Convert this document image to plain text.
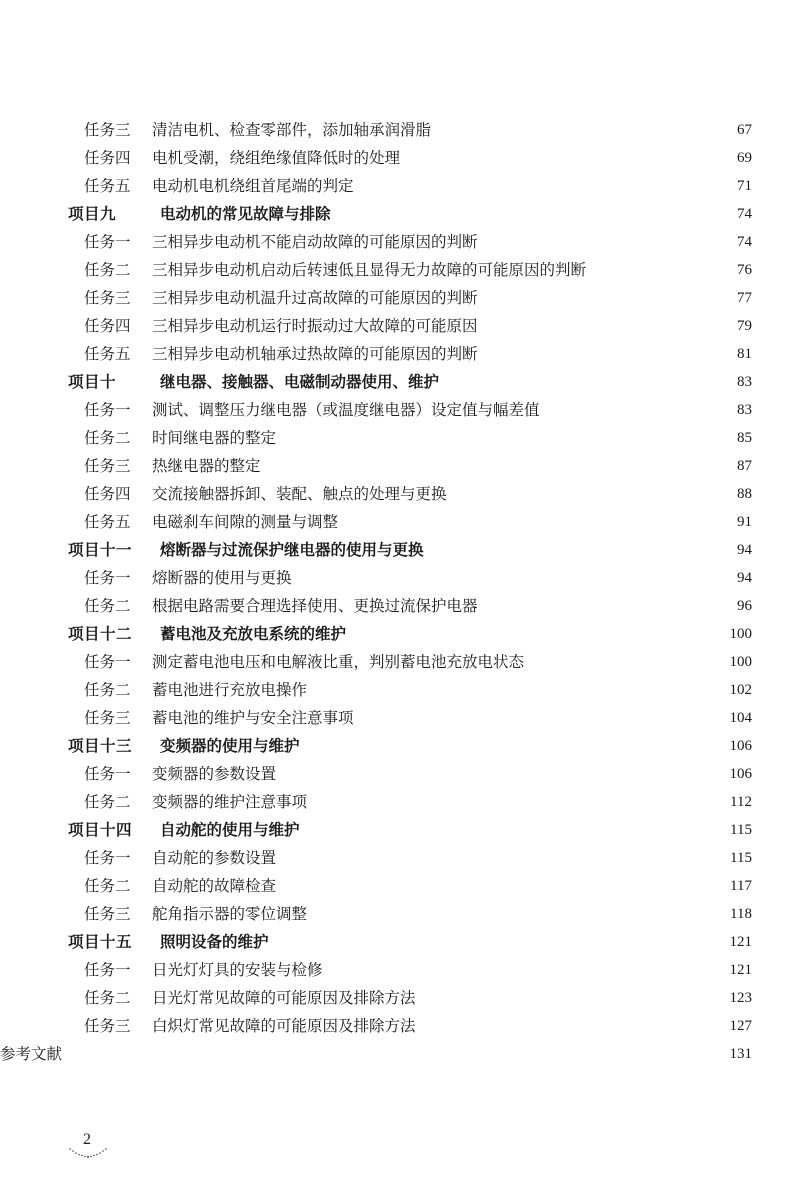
任务三	清洁电机、检查零部件，添加轴承润滑脂	67
任务四	电机受潮，绕组绝缘值降低时的处理	69
任务五	电动机电机绕组首尾端的判定	71
项目九	电动机的常见故障与排除	74
任务一	三相异步电动机不能启动故障的可能原因的判断	74
任务二	三相异步电动机启动后转速低且显得无力故障的可能原因的判断	76
任务三	三相异步电动机温升过高故障的可能原因的判断	77
任务四	三相异步电动机运行时振动过大故障的可能原因	79
任务五	三相异步电动机轴承过热故障的可能原因的判断	81
项目十	继电器、接触器、电磁制动器使用、维护	83
任务一	测试、调整压力继电器（或温度继电器）设定值与幅差值	83
任务二	时间继电器的整定	85
任务三	热继电器的整定	87
任务四	交流接触器拆卸、装配、触点的处理与更换	88
任务五	电磁刹车间隙的测量与调整	91
项目十一	熔断器与过流保护继电器的使用与更换	94
任务一	熔断器的使用与更换	94
任务二	根据电路需要合理选择使用、更换过流保护电器	96
项目十二	蓄电池及充放电系统的维护	100
任务一	测定蓄电池电压和电解液比重，判别蓄电池充放电状态	100
任务二	蓄电池进行充放电操作	102
任务三	蓄电池的维护与安全注意事项	104
项目十三	变频器的使用与维护	106
任务一	变频器的参数设置	106
任务二	变频器的维护注意事项	112
项目十四	自动舵的使用与维护	115
任务一	自动舵的参数设置	115
任务二	自动舵的故障检查	117
任务三	舵角指示器的零位调整	118
项目十五	照明设备的维护	121
任务一	日光灯灯具的安装与检修	121
任务二	日光灯常见故障的可能原因及排除方法	123
任务三	白炽灯常见故障的可能原因及排除方法	127
参考文献	131
2
